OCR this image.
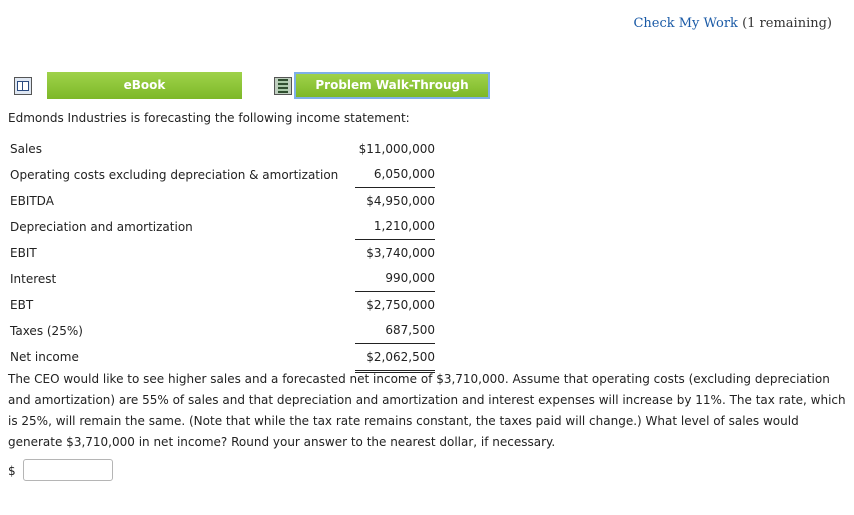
Check My Work (1 remaining)
eBook	Problem Walk-Through
Edmonds Industries is forecasting the following income statement:
Sales	$11,000,000
Operating costs excluding depreciation & amortization	6,050,000
EBITDA	$4,950,000
Depreciation and amortization	1,210,000
EBIT	$3,740,000
Interest	990,000
EBT	$2,750,000
Taxes (25%)	687,500
Net income	$2,062,500
The CEO would like to see higher sales and a forecasted net income of $3,710,000. Assume that operating costs (excluding depreciation and amortization) are 55% of sales and that depreciation and amortization and interest expenses will increase by 11%. The tax rate, which is 25%, will remain the same. (Note that while the tax rate remains constant, the taxes paid will change.) What level of sales would generate $3,710,000 in net income? Round your answer to the nearest dollar, if necessary.
$
